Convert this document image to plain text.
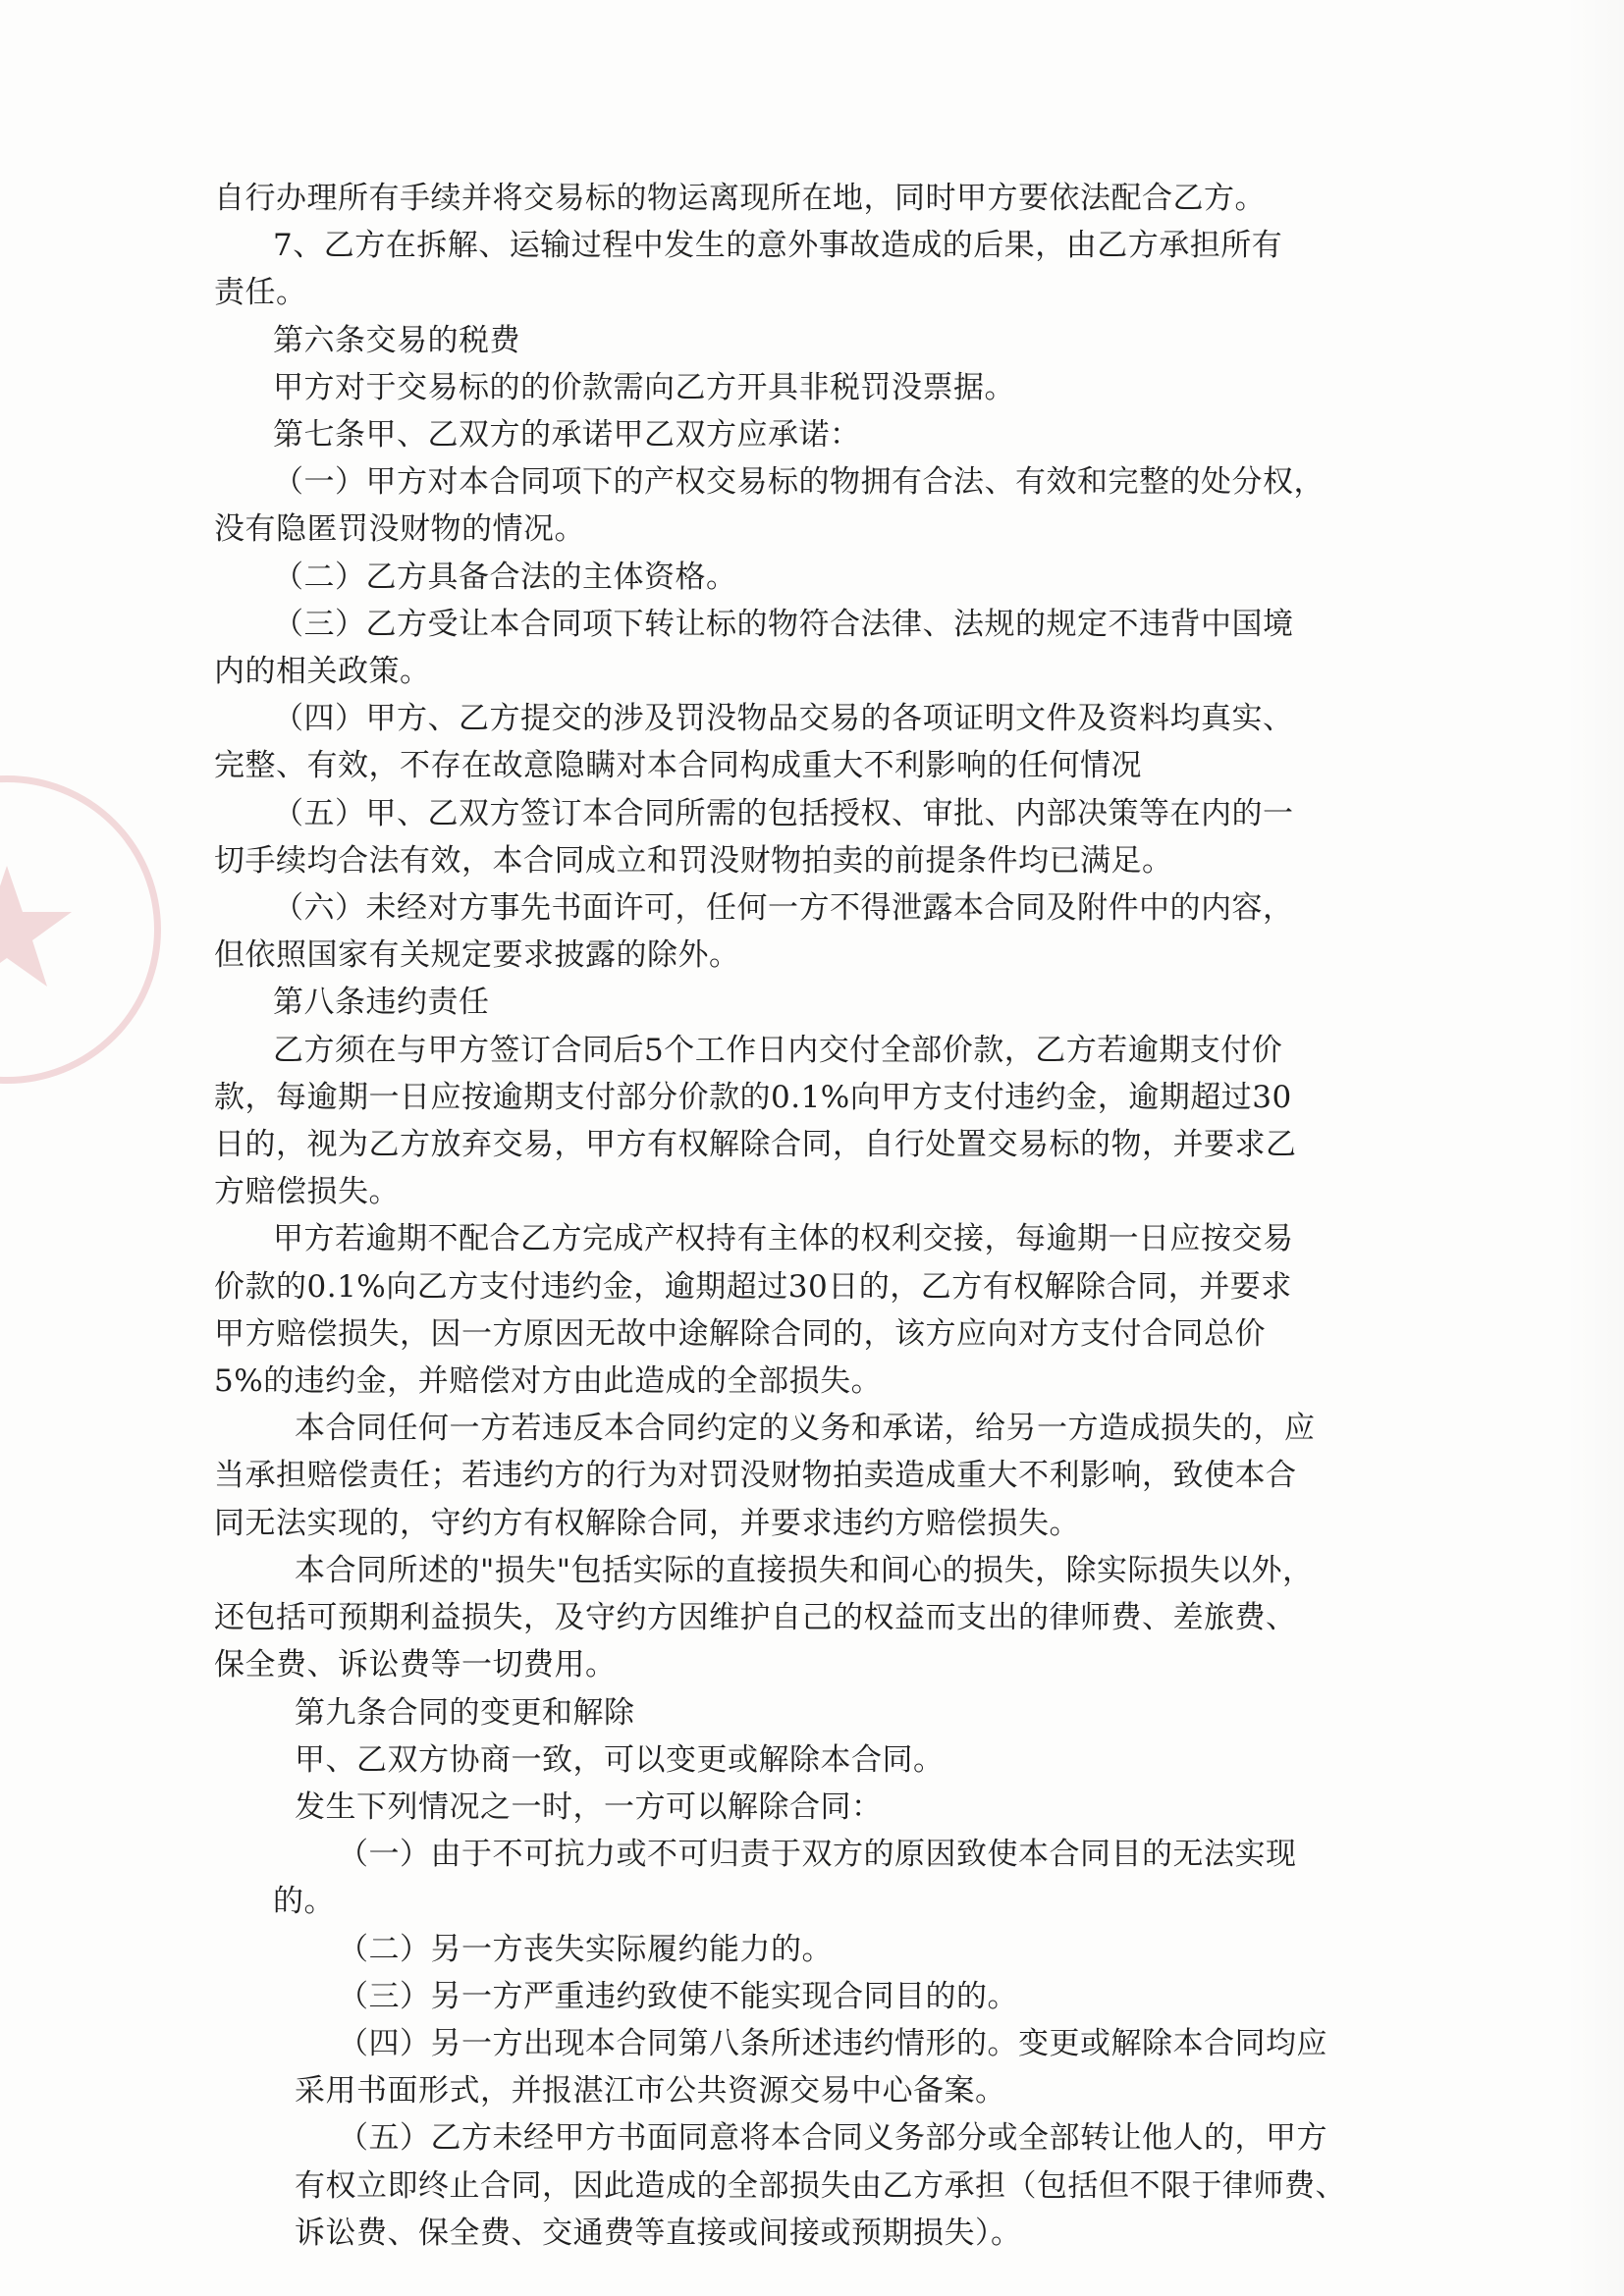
自行办理所有手续并将交易标的物运离现所在地，同时甲方要依法配合乙方。
7、乙方在拆解、运输过程中发生的意外事故造成的后果，由乙方承担所有
责任。
第六条交易的税费
甲方对于交易标的的价款需向乙方开具非税罚没票据。
第七条甲、乙双方的承诺甲乙双方应承诺：
（一）甲方对本合同项下的产权交易标的物拥有合法、有效和完整的处分权，
没有隐匿罚没财物的情况。
（二）乙方具备合法的主体资格。
（三）乙方受让本合同项下转让标的物符合法律、法规的规定不违背中国境
内的相关政策。
（四）甲方、乙方提交的涉及罚没物品交易的各项证明文件及资料均真实、
完整、有效，不存在故意隐瞒对本合同构成重大不利影响的任何情况
（五）甲、乙双方签订本合同所需的包括授权、审批、内部决策等在内的一
切手续均合法有效，本合同成立和罚没财物拍卖的前提条件均已满足。
（六）未经对方事先书面许可，任何一方不得泄露本合同及附件中的内容，
但依照国家有关规定要求披露的除外。
第八条违约责任
乙方须在与甲方签订合同后5个工作日内交付全部价款，乙方若逾期支付价
款，每逾期一日应按逾期支付部分价款的0.1%向甲方支付违约金，逾期超过30
日的，视为乙方放弃交易，甲方有权解除合同，自行处置交易标的物，并要求乙
方赔偿损失。
甲方若逾期不配合乙方完成产权持有主体的权利交接，每逾期一日应按交易
价款的0.1%向乙方支付违约金，逾期超过30日的，乙方有权解除合同，并要求
甲方赔偿损失，因一方原因无故中途解除合同的，该方应向对方支付合同总价
5%的违约金，并赔偿对方由此造成的全部损失。
本合同任何一方若违反本合同约定的义务和承诺，给另一方造成损失的，应
当承担赔偿责任；若违约方的行为对罚没财物拍卖造成重大不利影响，致使本合
同无法实现的，守约方有权解除合同，并要求违约方赔偿损失。
本合同所述的"损失"包括实际的直接损失和间心的损失，除实际损失以外，
还包括可预期利益损失，及守约方因维护自己的权益而支出的律师费、差旅费、
保全费、诉讼费等一切费用。
第九条合同的变更和解除
甲、乙双方协商一致，可以变更或解除本合同。
发生下列情况之一时，一方可以解除合同：
（一）由于不可抗力或不可归责于双方的原因致使本合同目的无法实现
的。
（二）另一方丧失实际履约能力的。
（三）另一方严重违约致使不能实现合同目的的。
（四）另一方出现本合同第八条所述违约情形的。变更或解除本合同均应
采用书面形式，并报湛江市公共资源交易中心备案。
（五）乙方未经甲方书面同意将本合同义务部分或全部转让他人的，甲方
有权立即终止合同，因此造成的全部损失由乙方承担（包括但不限于律师费、
诉讼费、保全费、交通费等直接或间接或预期损失）。
